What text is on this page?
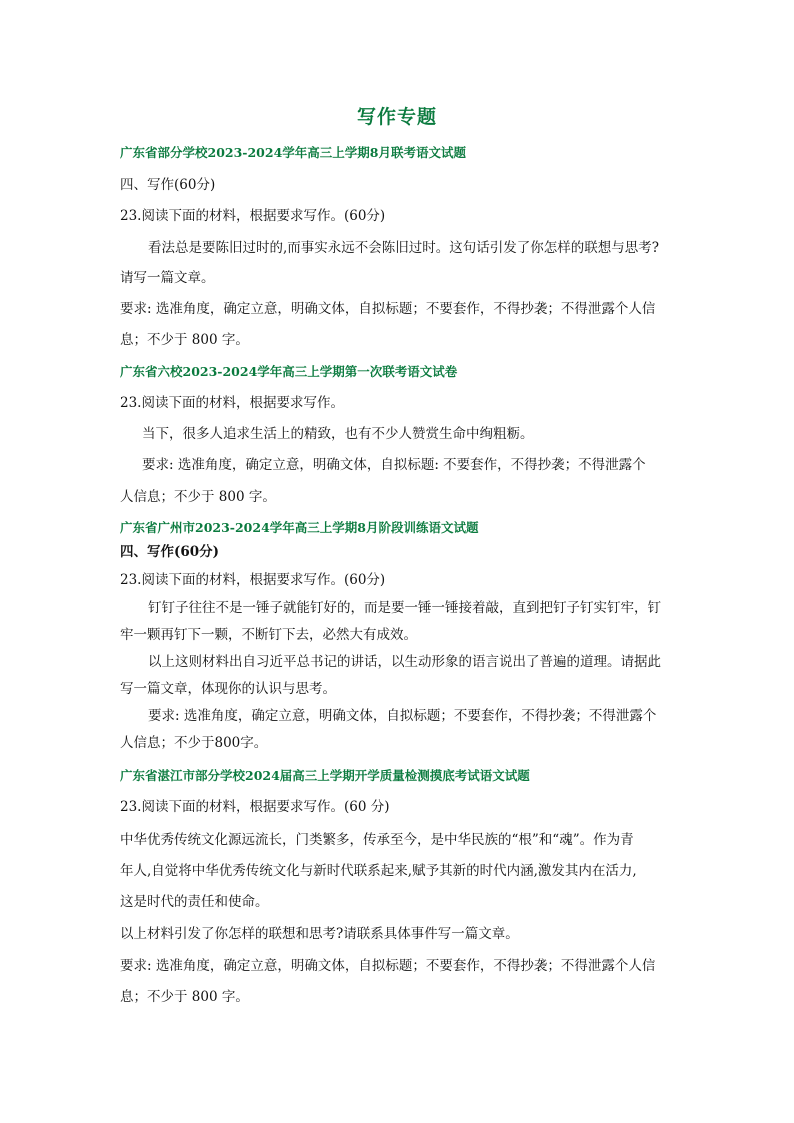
写作专题
广东省部分学校2023-2024学年高三上学期8月联考语文试题
四、写作(60分)
23.阅读下面的材料，根据要求写作。(60分)
看法总是要陈旧过时的,而事实永远不会陈旧过时。这句话引发了你怎样的联想与思考?
请写一篇文章。
要求: 选准角度，确定立意，明确文体，自拟标题；不要套作，不得抄袭；不得泄露个人信
息；不少于 800 字。
广东省六校2023-2024学年高三上学期第一次联考语文试卷
23.阅读下面的材料，根据要求写作。
当下，很多人追求生活上的精致，也有不少人赞赏生命中绚粗粝。
要求: 选准角度，确定立意，明确文体，自拟标题: 不要套作，不得抄袭；不得泄露个
人信息；不少于 800 字。
广东省广州市2023-2024学年高三上学期8月阶段训练语文试题
四、写作(60分)
23.阅读下面的材料，根据要求写作。(60分)
钉钉子往往不是一锤子就能钉好的，而是要一锤一锤接着敲，直到把钉子钉实钉牢，钉
牢一颗再钉下一颗，不断钉下去，必然大有成效。
以上这则材料出自习近平总书记的讲话，以生动形象的语言说出了普遍的道理。请据此
写一篇文章，体现你的认识与思考。
要求: 选准角度，确定立意，明确文体，自拟标题；不要套作，不得抄袭；不得泄露个
人信息；不少于800字。
广东省湛江市部分学校2024届高三上学期开学质量检测摸底考试语文试题
23.阅读下面的材料，根据要求写作。(60 分)
中华优秀传统文化源远流长，门类繁多，传承至今，是中华民族的“根”和“魂”。作为青
年人,自觉将中华优秀传统文化与新时代联系起来,赋予其新的时代内涵,激发其内在活力,
这是时代的责任和使命。
以上材料引发了你怎样的联想和思考?请联系具体事件写一篇文章。
要求: 选准角度，确定立意，明确文体，自拟标题；不要套作，不得抄袭；不得泄露个人信
息；不少于 800 字。
